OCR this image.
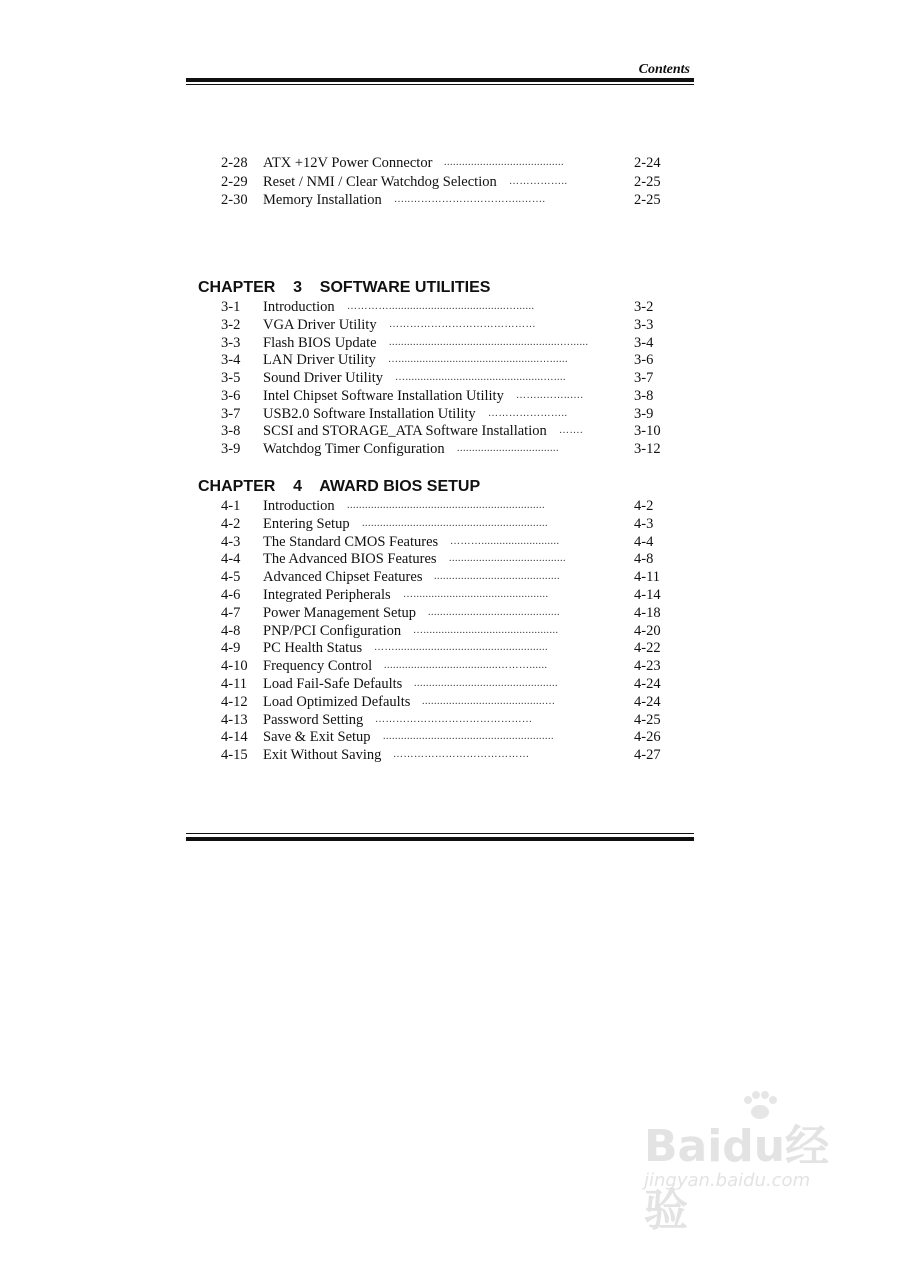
Contents
2-28 ATX +12V Power Connector ........................................	2-24
2-29 Reset / NMI / Clear Watchdog Selection ……………..	2-25
2-30 Memory Installation …..…………………………..…….	2-25
CHAPTER    3    SOFTWARE UTILITIES
3-1 Introduction ………….......................................…......	3-2
3-2 VGA Driver Utility ……………………………………	3-3
3-3 Flash BIOS Update .........................................................…......	3-4
3-4 LAN Driver Utility …...............................................…......	3-6
3-5 Sound Driver Utility …..............................................…....	3-7
3-6 Intel Chipset Software Installation Utility ……..……..….	3-8
3-7 USB2.0 Software Installation Utility …………………..	3-9
3-8 SCSI and STORAGE_ATA Software Installation …….	3-10
3-9 Watchdog Timer Configuration ..................................	3-12
CHAPTER    4    AWARD BIOS SETUP
4-1 Introduction ..................................................................	4-2
4-2 Entering Setup ..............................................................	4-3
4-3 The Standard CMOS Features ………..........................	4-4
4-4 The Advanced BIOS Features .......................................	4-8
4-5 Advanced Chipset Features ..........................................	4-11
4-6 Integrated Peripherals ….............................................	4-14
4-7 Power Management Setup ............................................	4-18
4-8 PNP/PCI Configuration ….............................................	4-20
4-9 PC Health Status ……...................................................	4-22
4-10 Frequency Control ......................................………......	4-23
4-11 Load Fail-Safe Defaults ................................................	4-24
4-12 Load Optimized Defaults .........................................…	4-24
4-13 Password Setting ………………………………………	4-25
4-14 Save & Exit Setup .........................................................	4-26
4-15 Exit Without Saving …………………………………	4-27
Baidu经验
jingyan.baidu.com
